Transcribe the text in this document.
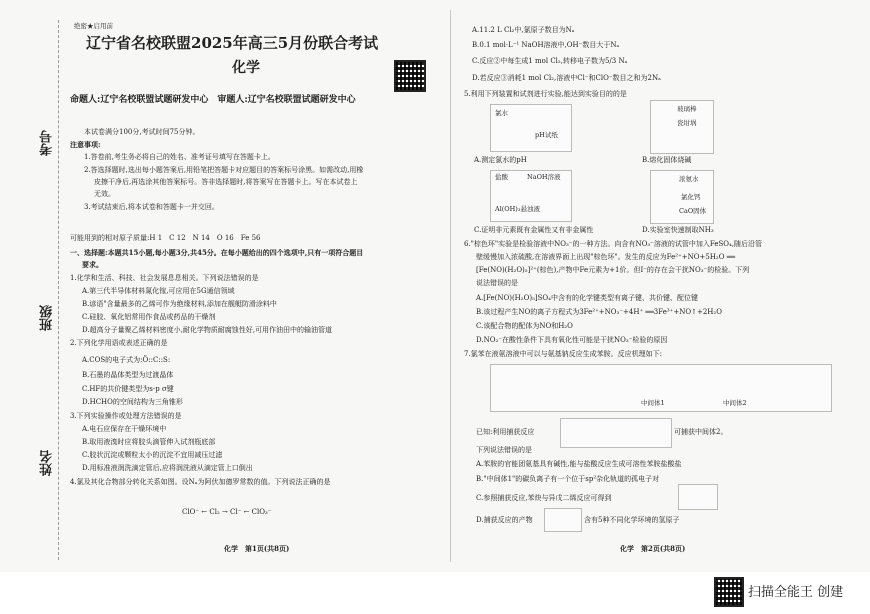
考号
班级
姓名
绝密★启用前
辽宁省名校联盟2025年高三5月份联合考试
化学
命题人:辽宁名校联盟试题研发中心　审题人:辽宁名校联盟试题研发中心
本试卷满分100分,考试时间75分钟。
注意事项:
1.答卷前,考生务必将自己的姓名、准考证号填写在答题卡上。
2.答选择题时,选出每小题答案后,用铅笔把答题卡对应题目的答案标号涂黑。如需改动,用橡
皮擦干净后,再选涂其他答案标号。答非选择题时,将答案写在答题卡上。写在本试卷上
无效。
3.考试结束后,将本试卷和答题卡一并交回。
可能用到的相对原子质量:H 1　C 12　N 14　O 16　Fe 56
一、选择题:本题共15小题,每小题3分,共45分。在每小题给出的四个选项中,只有一项符合题目
要求。
1.化学和生活、科技、社会发展息息相关。下列说法错误的是
A.第三代半导体材料氮化镓,可应用在5G通信领域
B.谚语"含量最多的乙烯可作为绝缘材料,添加在舰艇防滑涂料中
C.硅胶、氧化铝常用作食品或药品的干燥剂
D.超高分子量聚乙烯材料密度小,耐化学物质耐腐蚀性好,可用作油田中的输油管道
2.下列化学用语或表述正确的是
A.COS的电子式为:Ö::C::S:
B.石墨的晶体类型为过渡晶体
C.HF的共价键类型为s-p σ键
D.HCHO的空间结构为三角锥形
3.下列实验操作或处理方法错误的是
A.电石应保存在干燥环境中
B.取用液溴时应将胶头滴管伸入试剂瓶底部
C.胶状沉淀或颗粒太小的沉淀不宜用减压过滤
D.用标准液润洗滴定管后,应将润洗液从滴定管上口倒出
4.氯及其化合物部分转化关系如图。设Nₐ为阿伏加德罗常数的值。下列说法正确的是
ClO⁻ ← Cl₂ → Cl⁻ ← ClO₃⁻
化学　第1页(共8页)
A.11.2 L Cl₂中,氯原子数目为Nₐ
B.0.1 mol·L⁻¹ NaOH溶液中,OH⁻数目大于Nₐ
C.反应②中每生成1 mol Cl₂,转移电子数为5/3 Nₐ
D.若反应③消耗1 mol Cl₂,溶液中Cl⁻和ClO⁻数目之和为2Nₐ
5.利用下列装置和试剂进行实验,能达到实验目的的是
氯水
pH试纸
A.测定氯水的pH
玻璃棒
瓷坩埚
B.熔化固体烧碱
盐酸	NaOH溶液
Al(OH)₃悬浊液
C.证明非元素既有金属性又有非金属性
浓氨水
氯化钙
CaO固体
D.实验室快速制取NH₃
6."棕色环"实验是检验溶液中NO₃⁻的一种方法。向含有NO₃⁻溶液的试管中加入FeSO₄,随后沿管
壁缓慢加入浓硫酸,在溶液界面上出现"棕色环"。发生的反应为Fe²⁺+NO+5H₂O ══
[Fe(NO)(H₂O)₅]²⁺(棕色),产物中Fe元素为+1价。但I⁻的存在会干扰NO₃⁻的检验。下列
说法错误的是
A.[Fe(NO)(H₂O)₅]SO₄中含有的化学键类型有离子键、共价键、配位键
B.该过程产生NO的离子方程式为3Fe²⁺+NO₃⁻+4H⁺ ══3Fe³⁺+NO↑+2H₂O
C.该配合物的配体为NO和H₂O
D.NO₂⁻在酸性条件下具有氧化性可能是干扰NO₃⁻检验的原因
7.氯苯在液氨溶液中可以与氨基钠反应生成苯胺。反应机理如下:
中间体1	中间体2
已知:利用捕获反应	可捕获中间体2。
下列说法错误的是
A.苯胺的官能团氨基具有碱性,能与盐酸反应生成可溶性苯胺盐酸盐
B."中间体1"的碳负离子有一个位于sp²杂化轨道的孤电子对
C.参照捕获反应,苯炔与异戊二烯反应可得到
D.捕获反应的产物	含有5种不同化学环境的氢原子
化学　第2页(共8页)
扫描全能王 创建
